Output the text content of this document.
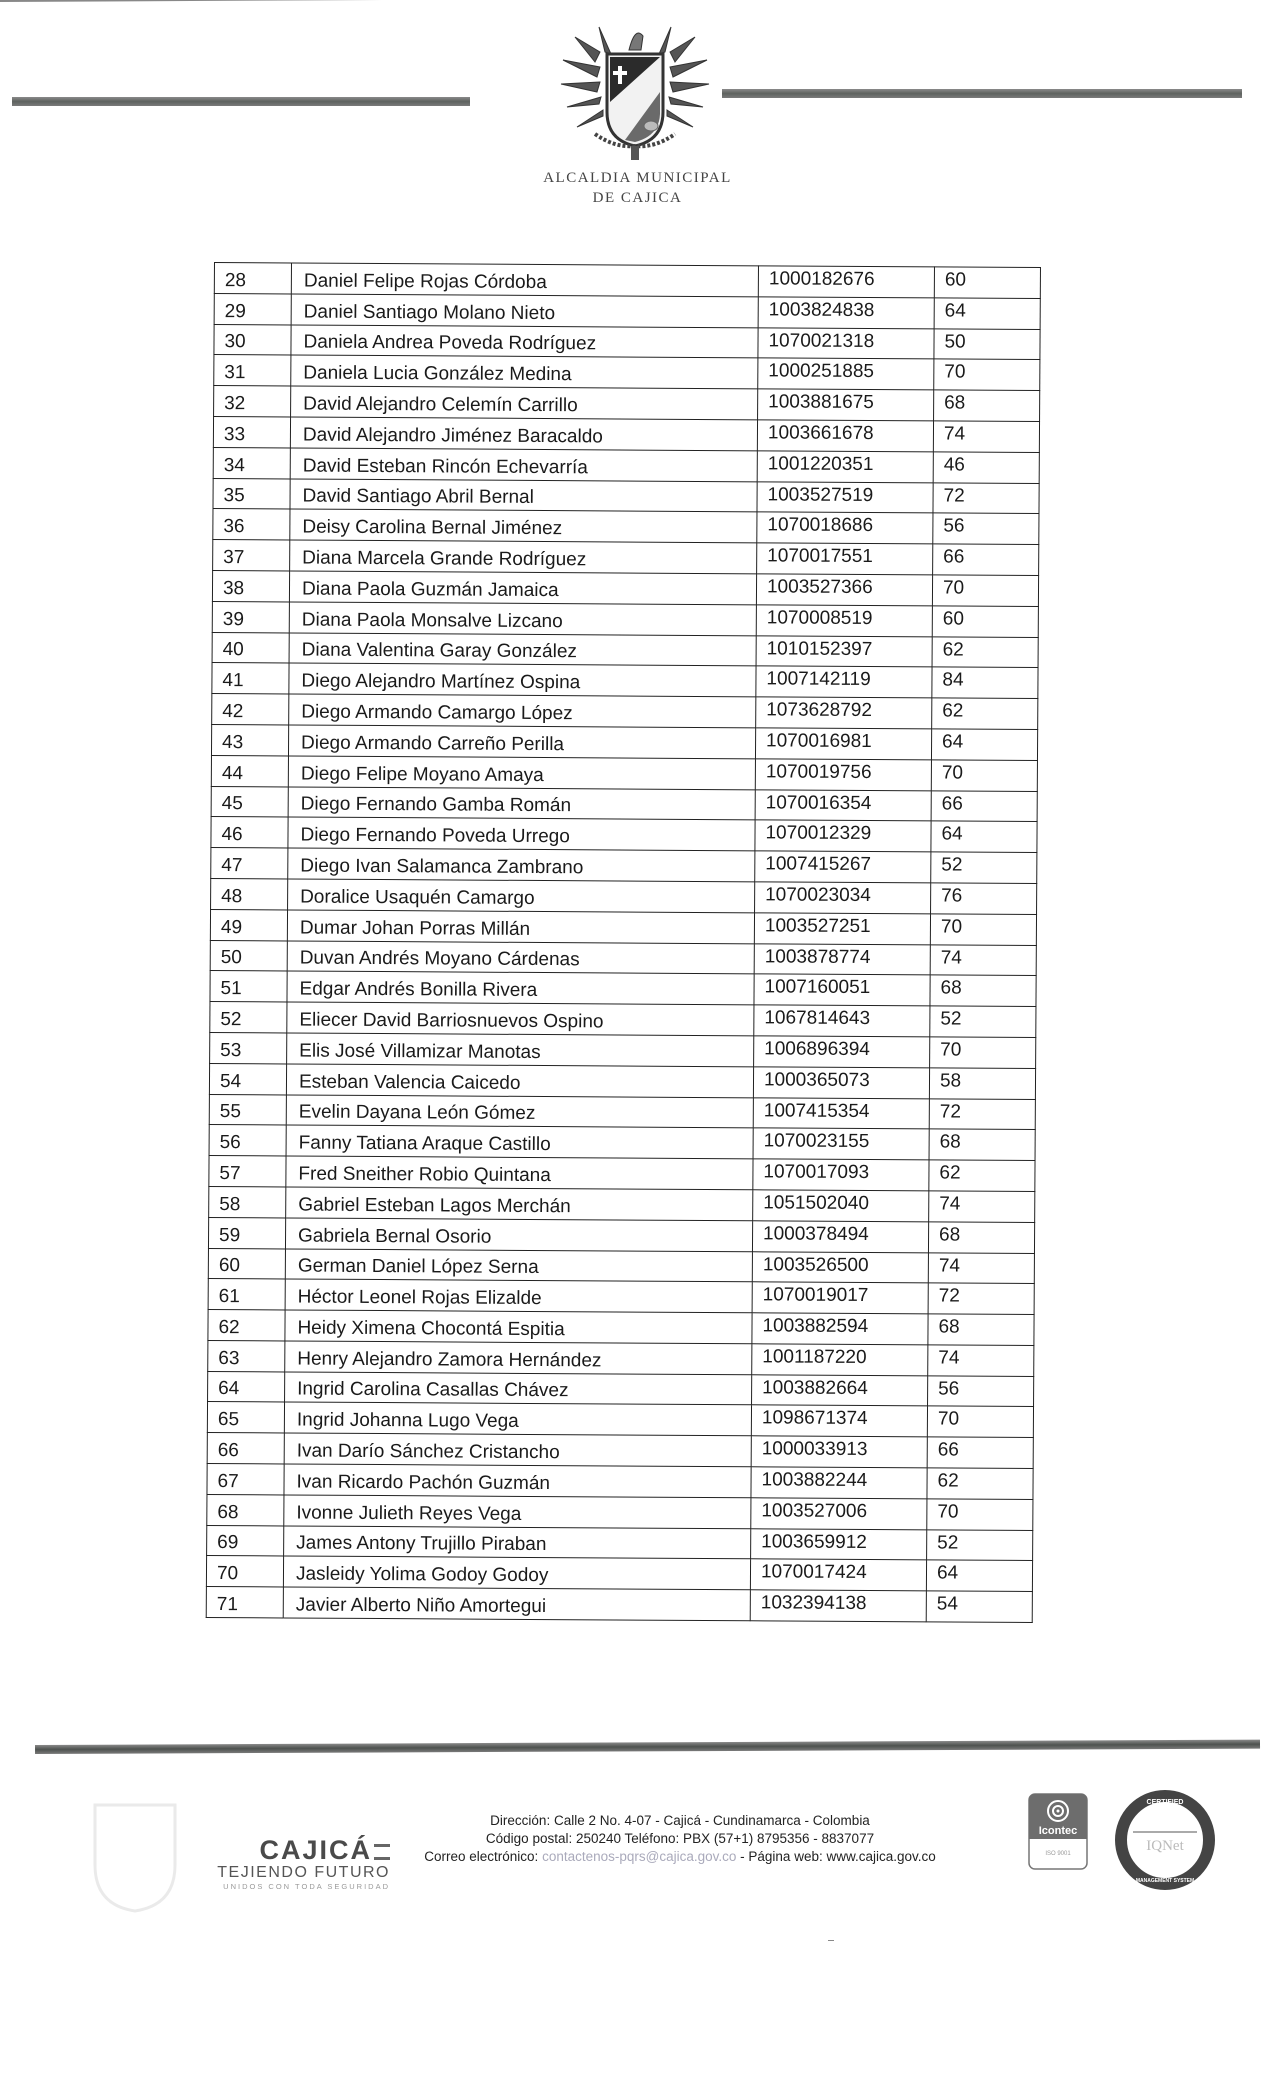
ALCALDIA MUNICIPAL
DE CAJICA
28	Daniel Felipe Rojas Córdoba	1000182676	60
29	Daniel Santiago Molano Nieto	1003824838	64
30	Daniela Andrea Poveda Rodríguez	1070021318	50
31	Daniela Lucia González Medina	1000251885	70
32	David Alejandro Celemín Carrillo	1003881675	68
33	David Alejandro Jiménez Baracaldo	1003661678	74
34	David Esteban Rincón Echevarría	1001220351	46
35	David Santiago Abril Bernal	1003527519	72
36	Deisy Carolina Bernal Jiménez	1070018686	56
37	Diana Marcela Grande Rodríguez	1070017551	66
38	Diana Paola Guzmán Jamaica	1003527366	70
39	Diana Paola Monsalve Lizcano	1070008519	60
40	Diana Valentina Garay González	1010152397	62
41	Diego Alejandro Martínez Ospina	1007142119	84
42	Diego Armando Camargo López	1073628792	62
43	Diego Armando Carreño Perilla	1070016981	64
44	Diego Felipe Moyano Amaya	1070019756	70
45	Diego Fernando Gamba Román	1070016354	66
46	Diego Fernando Poveda Urrego	1070012329	64
47	Diego Ivan Salamanca Zambrano	1007415267	52
48	Doralice Usaquén Camargo	1070023034	76
49	Dumar Johan Porras Millán	1003527251	70
50	Duvan Andrés Moyano Cárdenas	1003878774	74
51	Edgar Andrés Bonilla Rivera	1007160051	68
52	Eliecer David Barriosnuevos Ospino	1067814643	52
53	Elis José Villamizar Manotas	1006896394	70
54	Esteban Valencia Caicedo	1000365073	58
55	Evelin Dayana León Gómez	1007415354	72
56	Fanny Tatiana Araque Castillo	1070023155	68
57	Fred Sneither Robio Quintana	1070017093	62
58	Gabriel Esteban Lagos Merchán	1051502040	74
59	Gabriela Bernal Osorio	1000378494	68
60	German Daniel López Serna	1003526500	74
61	Héctor Leonel Rojas Elizalde	1070019017	72
62	Heidy Ximena Chocontá Espitia	1003882594	68
63	Henry Alejandro Zamora Hernández	1001187220	74
64	Ingrid Carolina Casallas Chávez	1003882664	56
65	Ingrid Johanna Lugo Vega	1098671374	70
66	Ivan Darío Sánchez Cristancho	1000033913	66
67	Ivan Ricardo Pachón Guzmán	1003882244	62
68	Ivonne Julieth Reyes Vega	1003527006	70
69	James Antony Trujillo Piraban	1003659912	52
70	Jasleidy Yolima Godoy Godoy	1070017424	64
71	Javier Alberto Niño Amortegui	1032394138	54
CAJICÁ
TEJIENDO FUTURO
UNIDOS CON TODA SEGURIDAD
Dirección: Calle 2 No. 4-07 - Cajicá - Cundinamarca - Colombia
Código postal: 250240 Teléfono: PBX (57+1) 8795356 - 8837077
Correo electrónico: contactenos-pqrs@cajica.gov.co - Página web: www.cajica.gov.co
Icontec
ISO 9001	IQNet
CERTIFIED
MANAGEMENT SYSTEM
